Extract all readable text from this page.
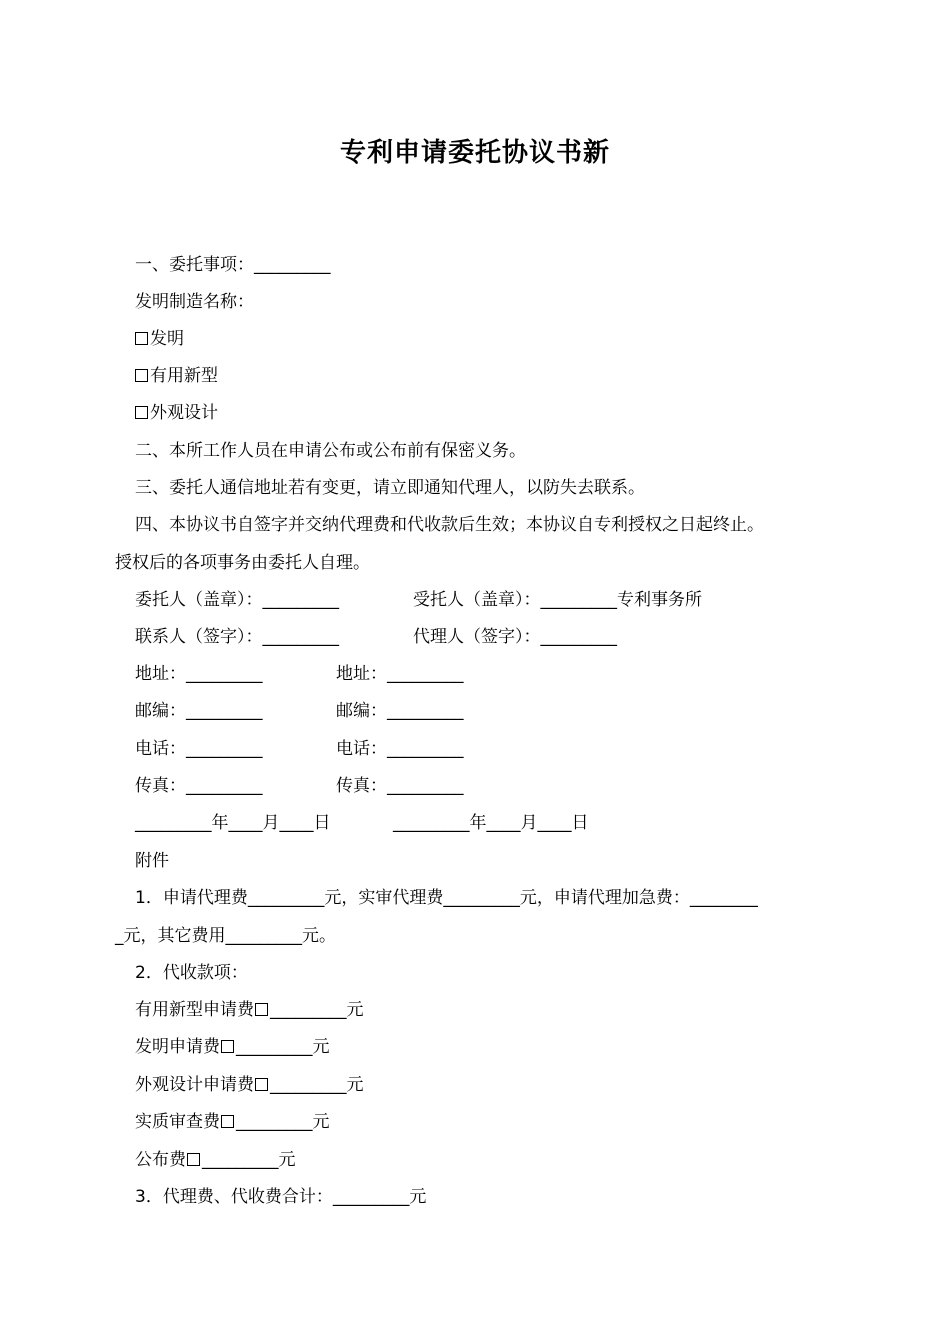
专利申请委托协议书新
一、委托事项：_________
发明制造名称：
发明
有用新型
外观设计
二、本所工作人员在申请公布或公布前有保密义务。
三、委托人通信地址若有变更，请立即通知代理人，以防失去联系。
四、本协议书自签字并交纳代理费和代收款后生效；本协议自专利授权之日起终止。
授权后的各项事务由委托人自理。
委托人（盖章）：_________	受托人（盖章）：_________专利事务所
联系人（签字）：_________	代理人（签字）：_________
地址：_________	地址：_________
邮编：_________	邮编：_________
电话：_________	电话：_________
传真：_________	传真：_________
_________年____月____日	_________年____月____日
附件
1．申请代理费_________元，实审代理费_________元，申请代理加急费：________
_元，其它费用_________元。
2．代收款项：
有用新型申请费 _________元
发明申请费 _________元
外观设计申请费 _________元
实质审查费 _________元
公布费 _________元
3．代理费、代收费合计：_________元
